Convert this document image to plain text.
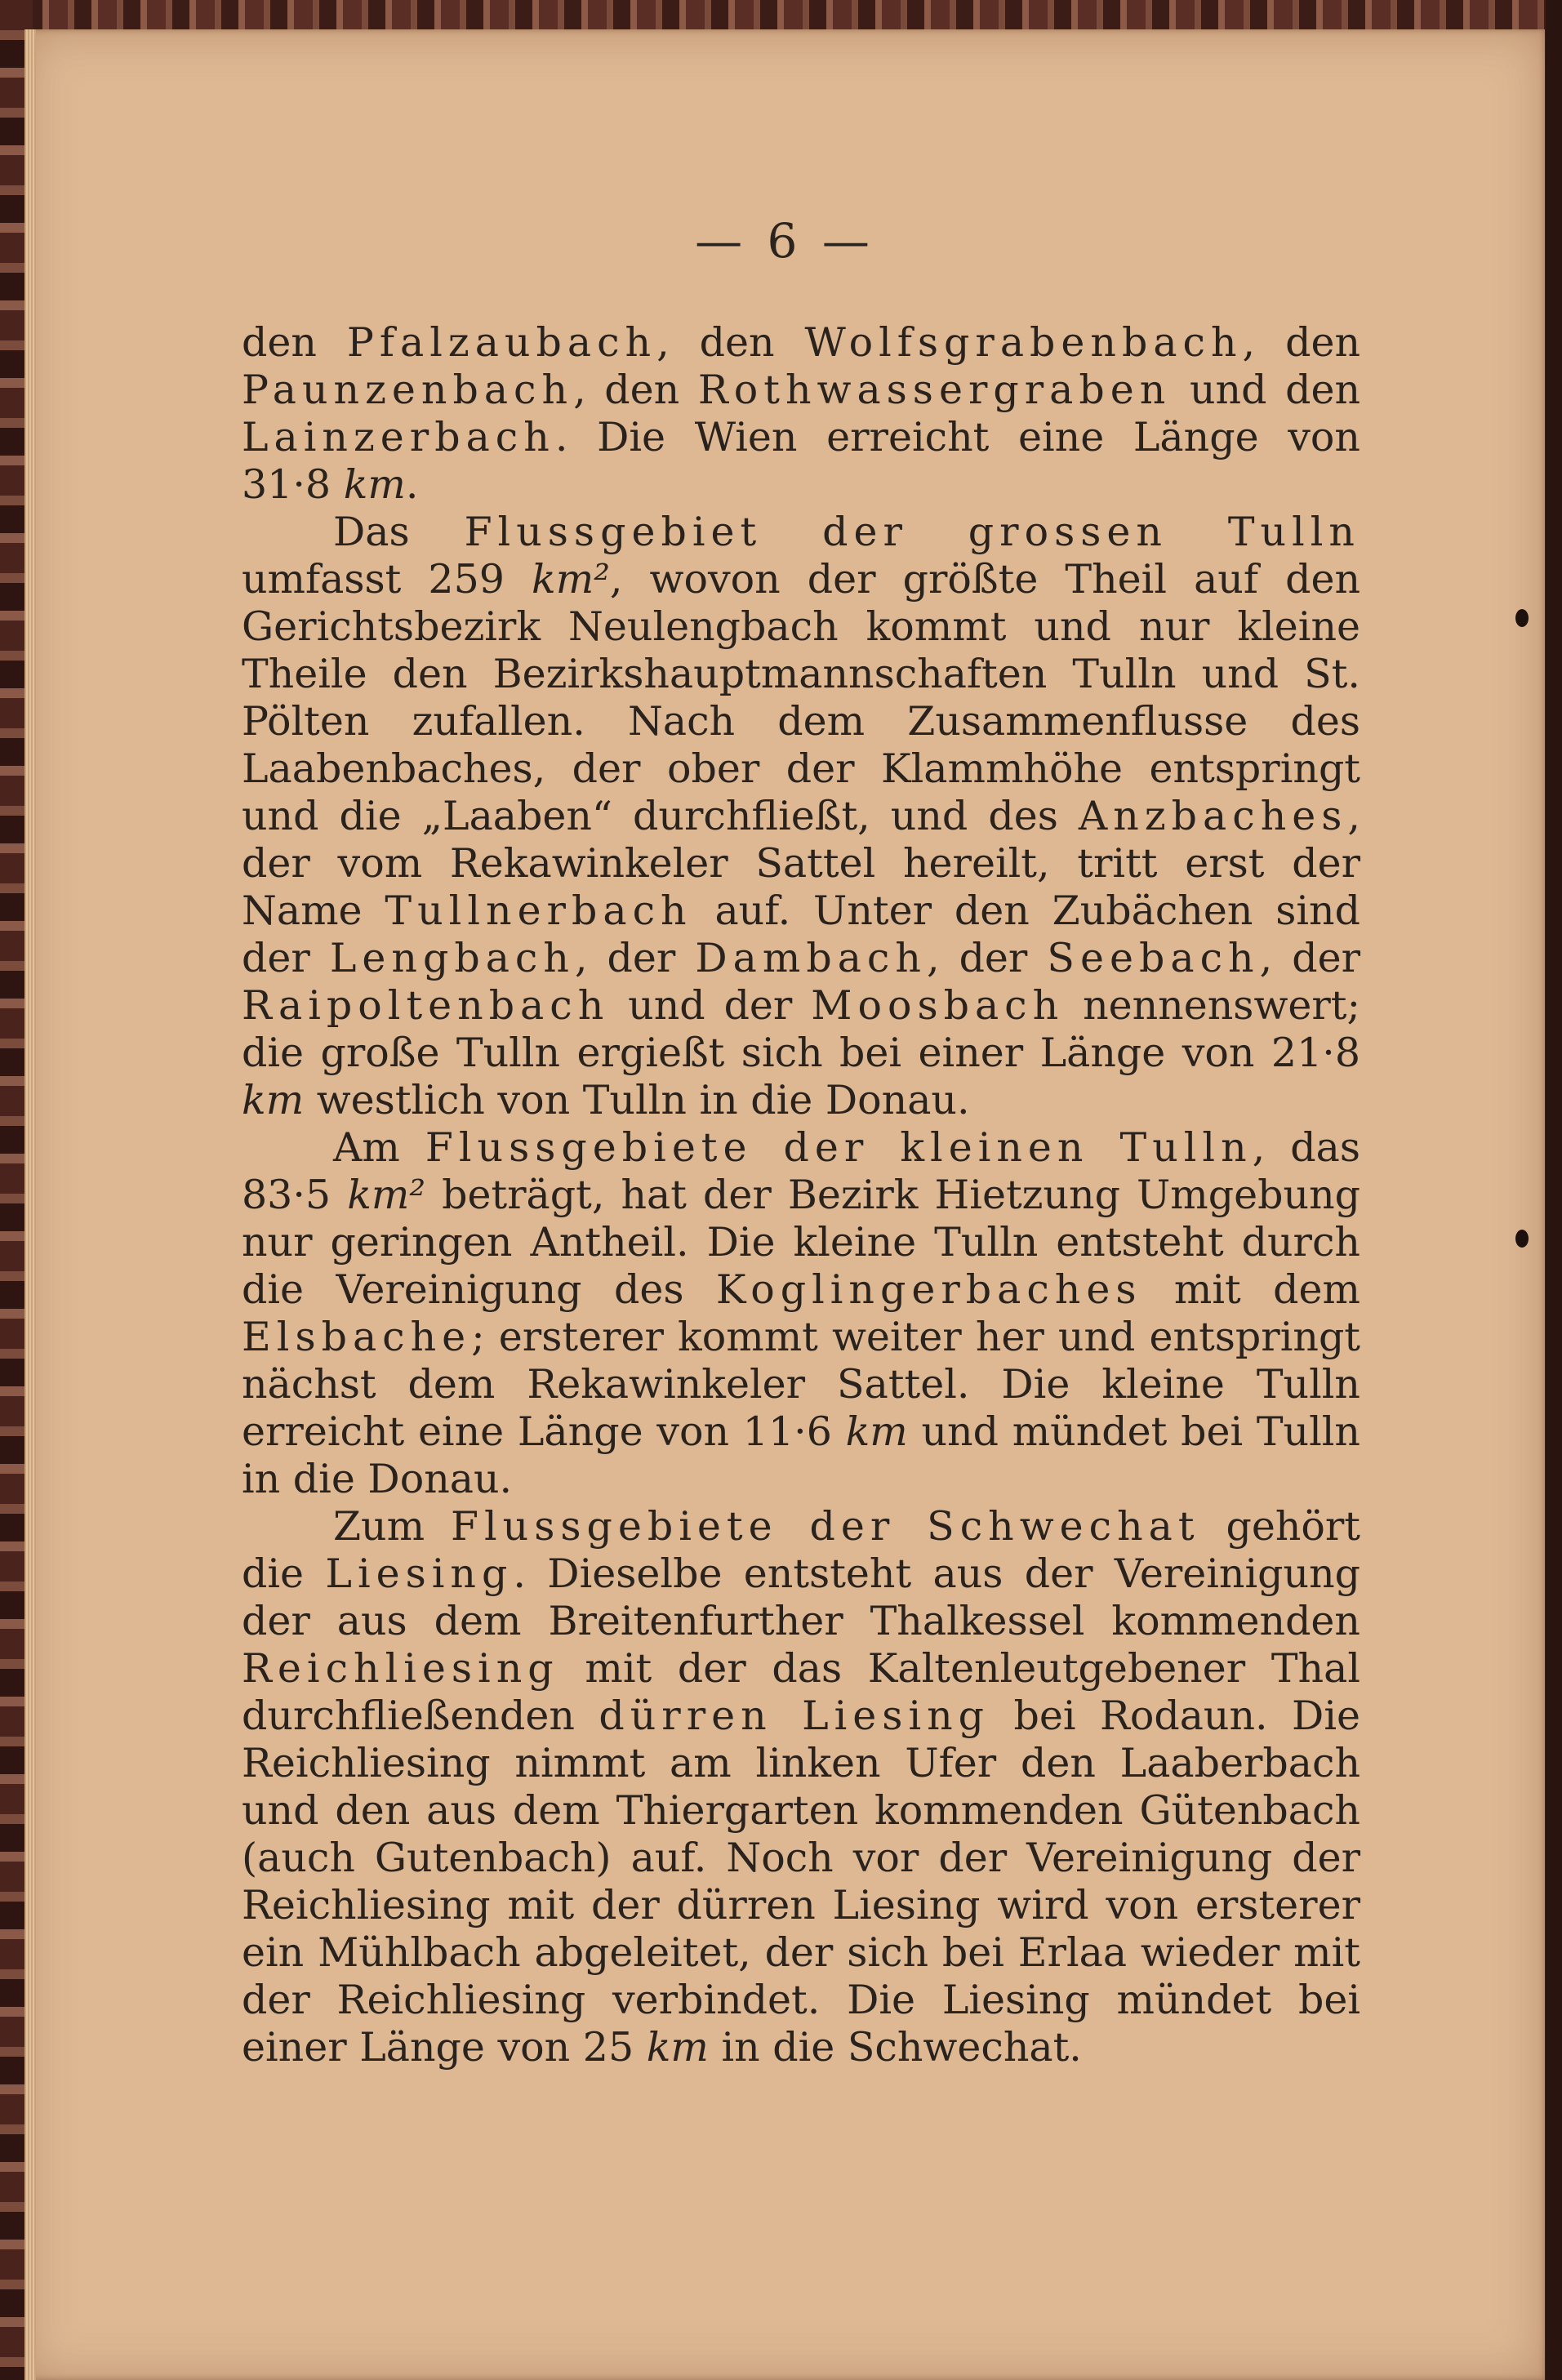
— 6 —

den Pfalzaubach, den Wolfsgrabenbach, den Paunzenbach, den Rothwassergraben und den Lainzerbach. Die Wien erreicht eine Länge von 31·8 km.

Das Flussgebiet der grossen Tulln umfasst 259 km², wovon der größte Theil auf den Gerichtsbezirk Neulengbach kommt und nur kleine Theile den Bezirkshauptmannschaften Tulln und St. Pölten zufallen. Nach dem Zusammenflusse des Laabenbaches, der ober der Klammhöhe entspringt und die „Laaben“ durchfließt, und des Anzbaches, der vom Rekawinkeler Sattel hereilt, tritt erst der Name Tullnerbach auf. Unter den Zubächen sind der Lengbach, der Dambach, der Seebach, der Raipoltenbach und der Moosbach nennenswert; die große Tulln ergießt sich bei einer Länge von 21·8 km westlich von Tulln in die Donau.

Am Flussgebiete der kleinen Tulln, das 83·5 km² beträgt, hat der Bezirk Hietzung Umgebung nur geringen Antheil. Die kleine Tulln entsteht durch die Vereinigung des Koglingerbaches mit dem Elsbache; ersterer kommt weiter her und entspringt nächst dem Rekawinkeler Sattel. Die kleine Tulln erreicht eine Länge von 11·6 km und mündet bei Tulln in die Donau.

Zum Flussgebiete der Schwechat gehört die Liesing. Dieselbe entsteht aus der Vereinigung der aus dem Breitenfurther Thalkessel kommenden Reichliesing mit der das Kaltenleutgebener Thal durchfließenden dürren Liesing bei Rodaun. Die Reichliesing nimmt am linken Ufer den Laaberbach und den aus dem Thiergarten kommenden Gütenbach (auch Gutenbach) auf. Noch vor der Vereinigung der Reichliesing mit der dürren Liesing wird von ersterer ein Mühlbach abgeleitet, der sich bei Erlaa wieder mit der Reichliesing verbindet. Die Liesing mündet bei einer Länge von 25 km in die Schwechat.
